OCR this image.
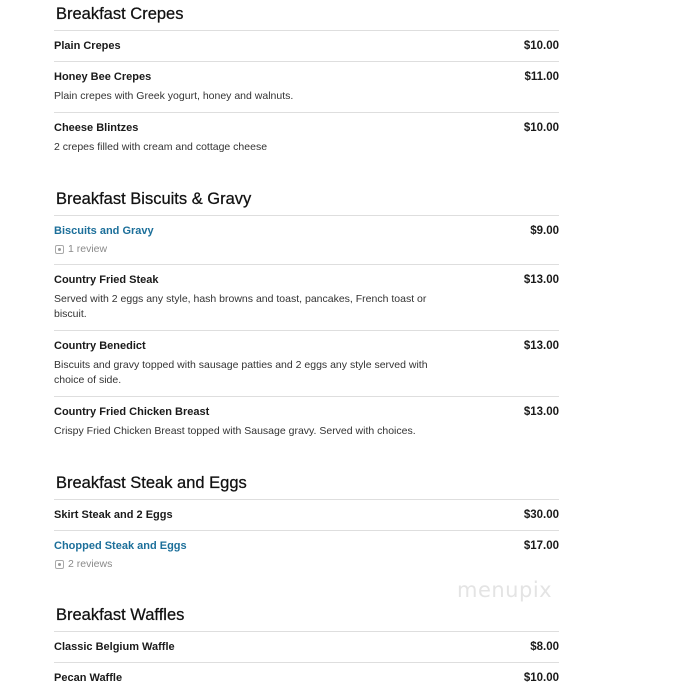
Breakfast Crepes
Plain Crepes	$10.00
Honey Bee Crepes	$11.00
Plain crepes with Greek yogurt, honey and walnuts.
Cheese Blintzes	$10.00
2 crepes filled with cream and cottage cheese
Breakfast Biscuits & Gravy
Biscuits and Gravy	$9.00
1 review
Country Fried Steak	$13.00
Served with 2 eggs any style, hash browns and toast, pancakes, French toast or biscuit.
Country Benedict	$13.00
Biscuits and gravy topped with sausage patties and 2 eggs any style served with choice of side.
Country Fried Chicken Breast	$13.00
Crispy Fried Chicken Breast topped with Sausage gravy. Served with choices.
Breakfast Steak and Eggs
Skirt Steak and 2 Eggs	$30.00
Chopped Steak and Eggs	$17.00
2 reviews
Breakfast Waffles
Classic Belgium Waffle	$8.00
Pecan Waffle	$10.00
menupix
